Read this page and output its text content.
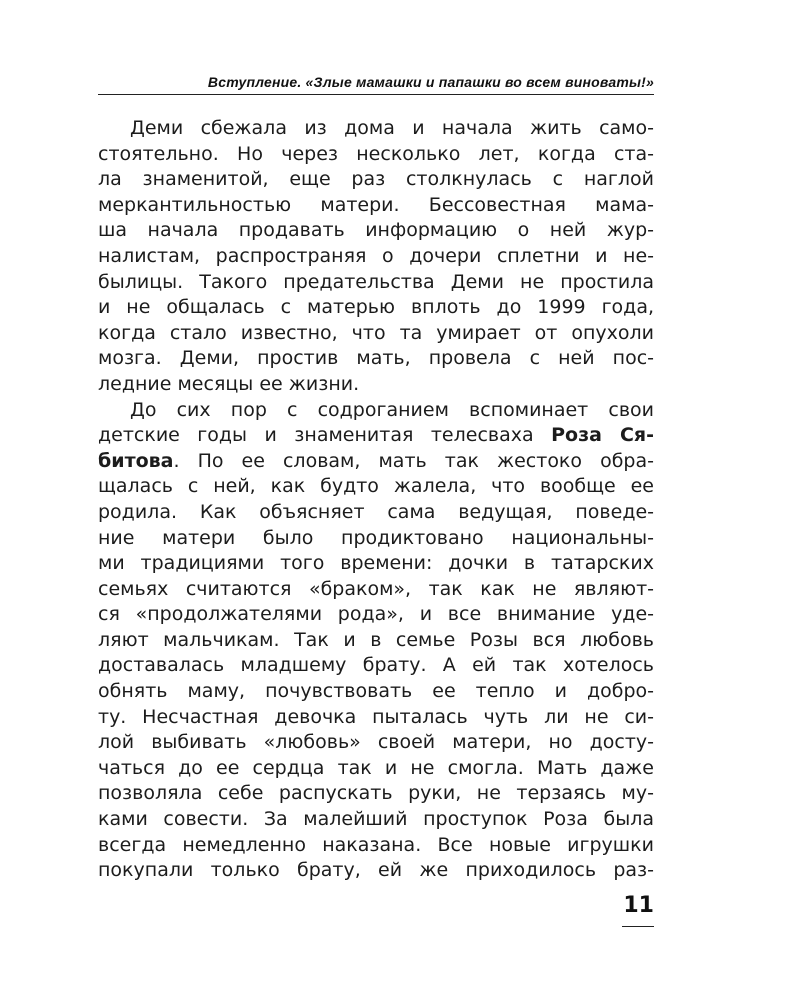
Вступление. «Злые мамашки и папашки во всем виноваты!»
Деми сбежала из дома и начала жить само-
стоятельно. Но через несколько лет, когда ста-
ла знаменитой, еще раз столкнулась с наглой
меркантильностью матери. Бессовестная мама-
ша начала продавать информацию о ней жур-
налистам, распространяя о дочери сплетни и не-
былицы. Такого предательства Деми не простила
и не общалась с матерью вплоть до 1999 года,
когда стало известно, что та умирает от опухоли
мозга. Деми, простив мать, провела с ней пос-
ледние месяцы ее жизни.
До сих пор с содроганием вспоминает свои
детские годы и знаменитая телесваха Роза Ся-
битова. По ее словам, мать так жестоко обра-
щалась с ней, как будто жалела, что вообще ее
родила. Как объясняет сама ведущая, поведе-
ние матери было продиктовано национальны-
ми традициями того времени: дочки в татарских
семьях считаются «браком», так как не являют-
ся «продолжателями рода», и все внимание уде-
ляют мальчикам. Так и в семье Розы вся любовь
доставалась младшему брату. А ей так хотелось
обнять маму, почувствовать ее тепло и добро-
ту. Несчастная девочка пыталась чуть ли не си-
лой выбивать «любовь» своей матери, но досту-
чаться до ее сердца так и не смогла. Мать даже
позволяла себе распускать руки, не терзаясь му-
ками совести. За малейший проступок Роза была
всегда немедленно наказана. Все новые игрушки
покупали только брату, ей же приходилось раз-
11
